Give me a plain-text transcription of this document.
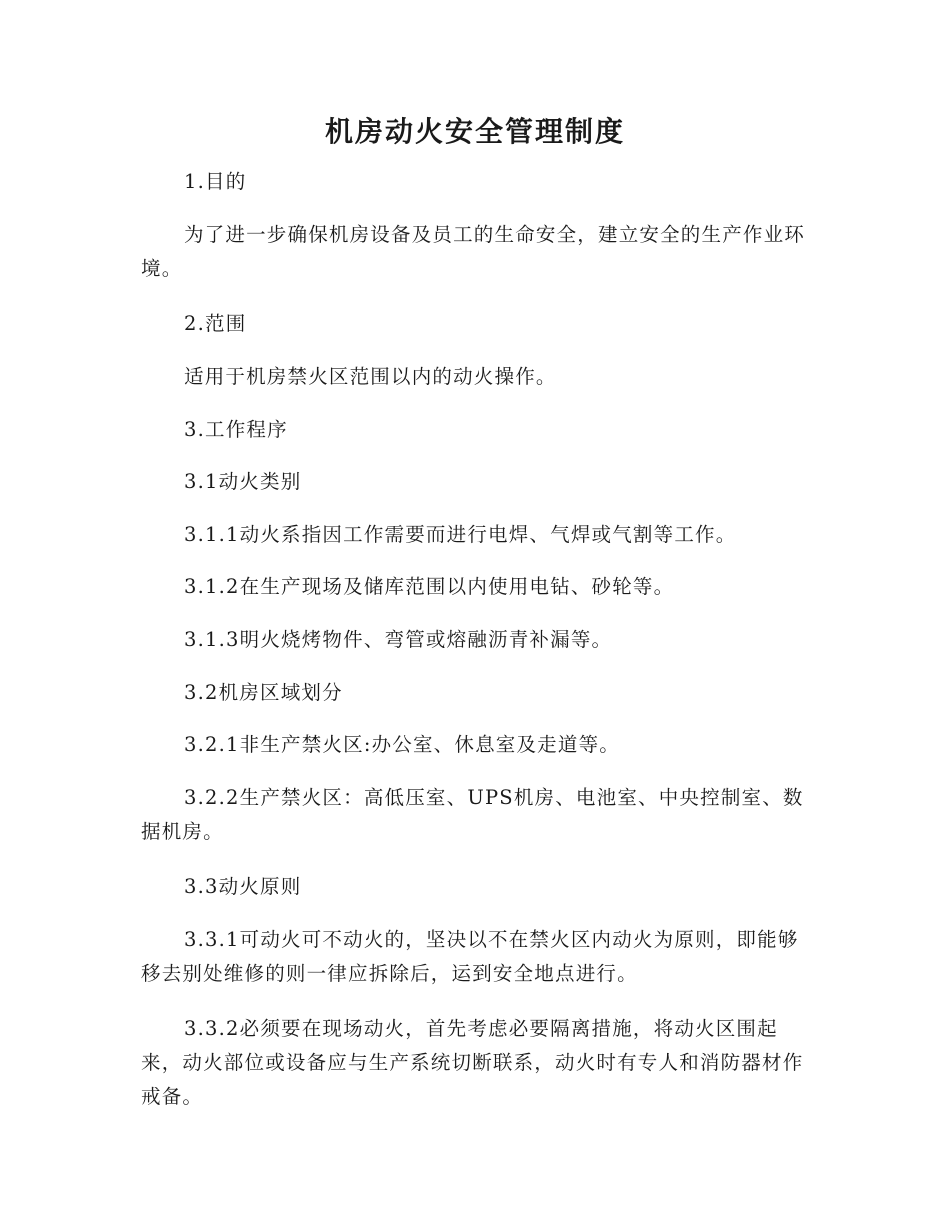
机房动火安全管理制度

1.目的

为了进一步确保机房设备及员工的生命安全，建立安全的生产作业环境。

2.范围

适用于机房禁火区范围以内的动火操作。

3.工作程序

3.1动火类别

3.1.1动火系指因工作需要而进行电焊、气焊或气割等工作。

3.1.2在生产现场及储库范围以内使用电钻、砂轮等。

3.1.3明火烧烤物件、弯管或熔融沥青补漏等。

3.2机房区域划分

3.2.1非生产禁火区:办公室、休息室及走道等。

3.2.2生产禁火区：高低压室、UPS机房、电池室、中央控制室、数据机房。

3.3动火原则

3.3.1可动火可不动火的，坚决以不在禁火区内动火为原则，即能够移去别处维修的则一律应拆除后，运到安全地点进行。

3.3.2必须要在现场动火，首先考虑必要隔离措施，将动火区围起来，动火部位或设备应与生产系统切断联系，动火时有专人和消防器材作戒备。
